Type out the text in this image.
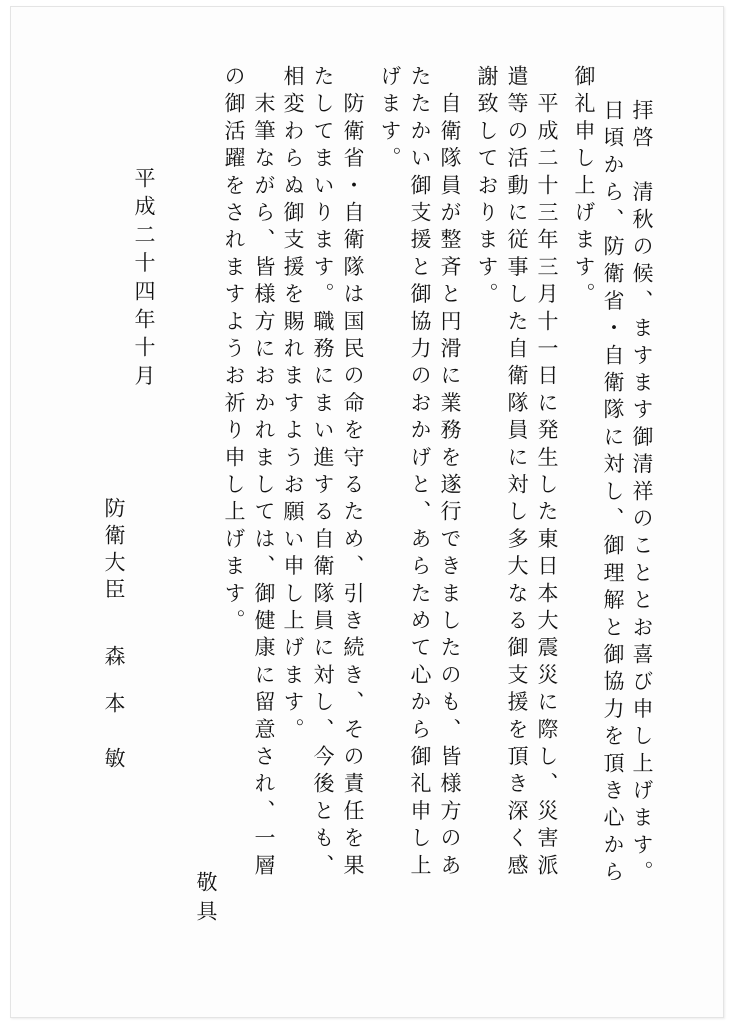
拝啓　清秋の候、ますます御清祥のこととお喜び申し上げます。
日頃から、防衛省・自衛隊に対し、御理解と御協力を頂き心から
御礼申し上げます。
　平成二十三年三月十一日に発生した東日本大震災に際し、災害派
遣等の活動に従事した自衛隊員に対し多大なる御支援を頂き深く感
謝致しております。
　自衛隊員が整斉と円滑に業務を遂行できましたのも、皆様方のあ
たたかい御支援と御協力のおかげと、あらためて心から御礼申し上
げます。
　防衛省・自衛隊は国民の命を守るため、引き続き、その責任を果
たしてまいります。職務にまい進する自衛隊員に対し、今後とも、
相変わらぬ御支援を賜れますようお願い申し上げます。
　末筆ながら、皆様方におかれましては、御健康に留意され、一層
の御活躍をされますようお祈り申し上げます。
敬具
平成二十四年十月
防衛大臣
森本
敏
